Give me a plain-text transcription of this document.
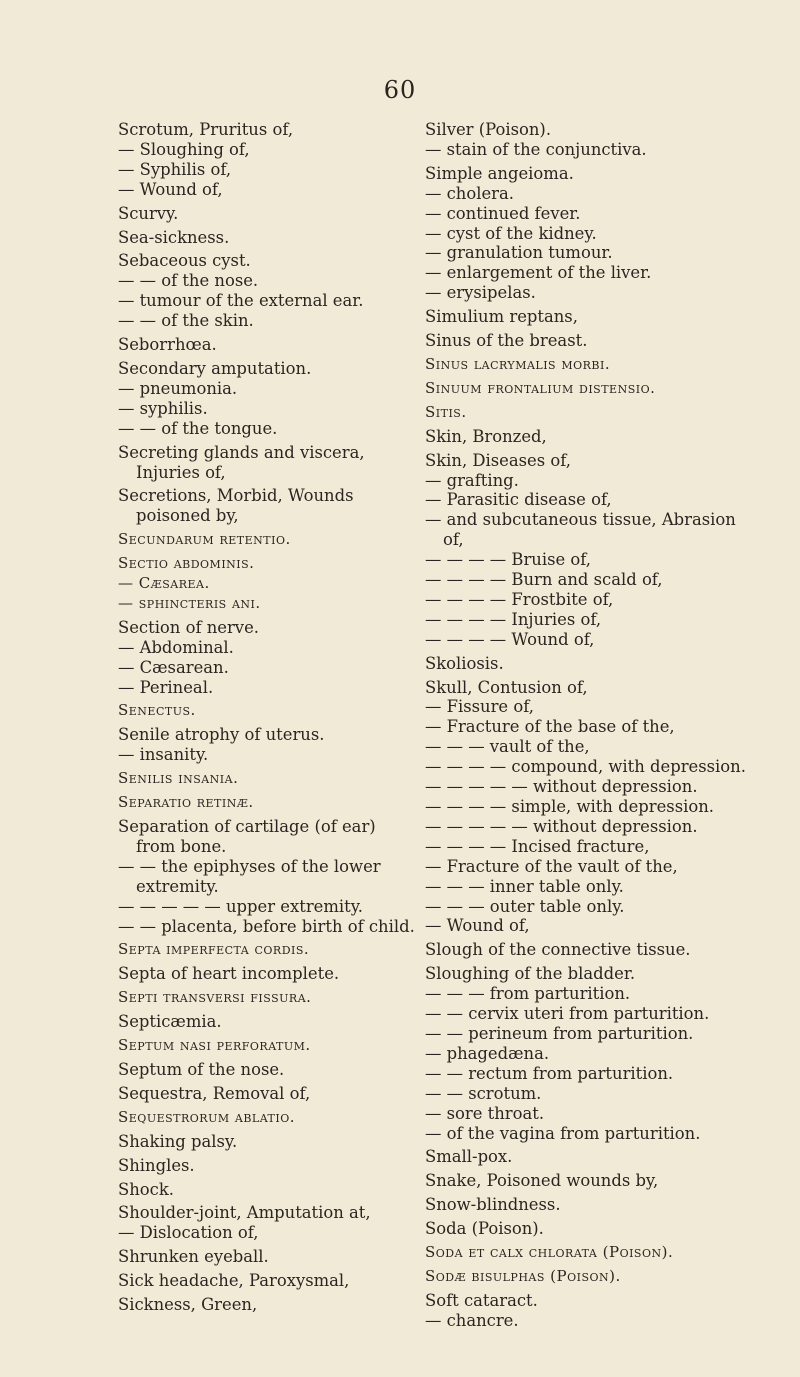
60

Scrotum, Pruritus of,

— Sloughing of,

— Syphilis of,

— Wound of,

Scurvy.

Sea-sickness.

Sebaceous cyst.

— — of the nose.

— tumour of the external ear.

— — of the skin.

Seborrhœa.

Secondary amputation.

— pneumonia.

— syphilis.

— — of the tongue.

Secreting glands and viscera, Injuries of,

Secretions, Morbid, Wounds poisoned by,

Secundarum retentio.

Sectio abdominis.

— Cæsarea.

— sphincteris ani.

Section of nerve.

— Abdominal.

— Cæsarean.

— Perineal.

Senectus.

Senile atrophy of uterus.

— insanity.

Senilis insania.

Separatio retinæ.

Separation of cartilage (of ear) from bone.

— — the epiphyses of the lower extremity.

— — — — — upper extremity.

— — placenta, before birth of child.

Septa imperfecta cordis.

Septa of heart incomplete.

Septi transversi fissura.

Septicæmia.

Septum nasi perforatum.

Septum of the nose.

Sequestra, Removal of,

Sequestrorum ablatio.

Shaking palsy.

Shingles.

Shock.

Shoulder-joint, Amputation at,

— Dislocation of,

Shrunken eyeball.

Sick headache, Paroxysmal,

Sickness, Green,

Silver (Poison).

— stain of the conjunctiva.

Simple angeioma.

— cholera.

— continued fever.

— cyst of the kidney.

— granulation tumour.

— enlargement of the liver.

— erysipelas.

Simulium reptans,

Sinus of the breast.

Sinus lacrymalis morbi.

Sinuum frontalium distensio.

Sitis.

Skin, Bronzed,

Skin, Diseases of,

— grafting.

— Parasitic disease of,

— and subcutaneous tissue, Abrasion of,

— — — — Bruise of,

— — — — Burn and scald of,

— — — — Frostbite of,

— — — — Injuries of,

— — — — Wound of,

Skoliosis.

Skull, Contusion of,

— Fissure of,

— Fracture of the base of the,

— — — vault of the,

— — — — compound, with depression.

— — — — — without depression.

— — — — simple, with depression.

— — — — — without depression.

— — — — Incised fracture,

— Fracture of the vault of the,

— — — inner table only.

— — — outer table only.

— Wound of,

Slough of the connective tissue.

Sloughing of the bladder.

— — — from parturition.

— — cervix uteri from parturition.

— — perineum from parturition.

— phagedæna.

— — rectum from parturition.

— — scrotum.

— sore throat.

— of the vagina from parturition.

Small-pox.

Snake, Poisoned wounds by,

Snow-blindness.

Soda (Poison).

Soda et calx chlorata (Poison).

Sodæ bisulphas (Poison).

Soft cataract.

— chancre.
